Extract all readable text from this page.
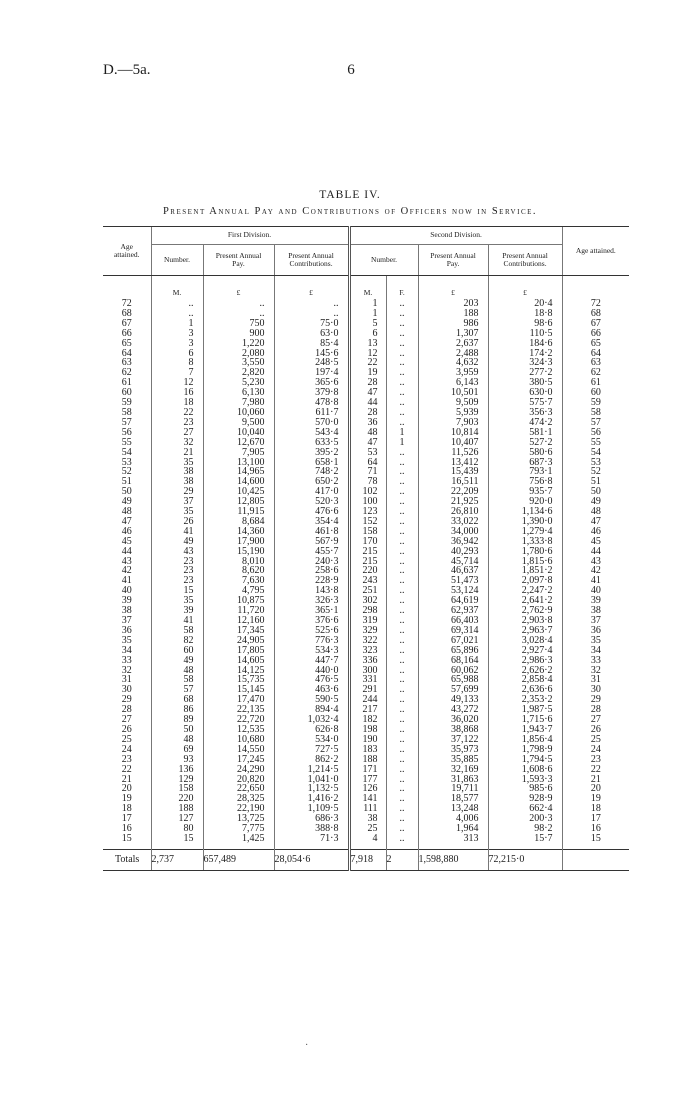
D.—5a.	6
TABLE IV.
Present Annual Pay and Contributions of Officers now in Service.
Age attained.	First Division.			Second Division.				Age attained.
	Number.	Present Annual Pay.	Present Annual Contributions.	Number.		Present Annual Pay.	Present Annual Contributions.	
	M.	£	£	M.	F.	£	£	
72	..	..	..	1	..	203	20·4	72
68	..	..	..	1	..	188	18·8	68
67	1	750	75·0	5	..	986	98·6	67
66	3	900	63·0	6	..	1,307	110·5	66
65	3	1,220	85·4	13	..	2,637	184·6	65
64	6	2,080	145·6	12	..	2,488	174·2	64
63	8	3,550	248·5	22	..	4,632	324·3	63
62	7	2,820	197·4	19	..	3,959	277·2	62
61	12	5,230	365·6	28	..	6,143	380·5	61
60	16	6,130	379·8	47	..	10,501	630·0	60
59	18	7,980	478·8	44	..	9,509	575·7	59
58	22	10,060	611·7	28	..	5,939	356·3	58
57	23	9,500	570·0	36	..	7,903	474·2	57
56	27	10,040	543·4	48	1	10,814	581·1	56
55	32	12,670	633·5	47	1	10,407	527·2	55
54	21	7,905	395·2	53	..	11,526	580·6	54
53	35	13,100	658·1	64	..	13,412	687·3	53
52	38	14,965	748·2	71	..	15,439	793·1	52
51	38	14,600	650·2	78	..	16,511	756·8	51
50	29	10,425	417·0	102	..	22,209	935·7	50
49	37	12,805	520·3	100	..	21,925	920·0	49
48	35	11,915	476·6	123	..	26,810	1,134·6	48
47	26	8,684	354·4	152	..	33,022	1,390·0	47
46	41	14,360	461·8	158	..	34,000	1,279·4	46
45	49	17,900	567·9	170	..	36,942	1,333·8	45
44	43	15,190	455·7	215	..	40,293	1,780·6	44
43	23	8,010	240·3	215	..	45,714	1,815·6	43
42	23	8,620	258·6	220	..	46,637	1,851·2	42
41	23	7,630	228·9	243	..	51,473	2,097·8	41
40	15	4,795	143·8	251	..	53,124	2,247·2	40
39	35	10,875	326·3	302	..	64,619	2,641·2	39
38	39	11,720	365·1	298	..	62,937	2,762·9	38
37	41	12,160	376·6	319	..	66,403	2,903·8	37
36	58	17,345	525·6	329	..	69,314	2,963·7	36
35	82	24,905	776·3	322	..	67,021	3,028·4	35
34	60	17,805	534·3	323	..	65,896	2,927·4	34
33	49	14,605	447·7	336	..	68,164	2,986·3	33
32	48	14,125	440·0	300	..	60,062	2,626·2	32
31	58	15,735	476·5	331	..	65,988	2,858·4	31
30	57	15,145	463·6	291	..	57,699	2,636·6	30
29	68	17,470	590·5	244	..	49,133	2,353·2	29
28	86	22,135	894·4	217	..	43,272	1,987·5	28
27	89	22,720	1,032·4	182	..	36,020	1,715·6	27
26	50	12,535	626·8	198	..	38,868	1,943·7	26
25	48	10,680	534·0	190	..	37,122	1,856·4	25
24	69	14,550	727·5	183	..	35,973	1,798·9	24
23	93	17,245	862·2	188	..	35,885	1,794·5	23
22	136	24,290	1,214·5	171	..	32,169	1,608·6	22
21	129	20,820	1,041·0	177	..	31,863	1,593·3	21
20	158	22,650	1,132·5	126	..	19,711	985·6	20
19	220	28,325	1,416·2	141	..	18,577	928·9	19
18	188	22,190	1,109·5	111	..	13,248	662·4	18
17	127	13,725	686·3	38	..	4,006	200·3	17
16	80	7,775	388·8	25	..	1,964	98·2	16
15	15	1,425	71·3	4	..	313	15·7	15

Totals	2,737	657,489	28,054·6	7,918	2	1,598,880	72,215·0	
·
